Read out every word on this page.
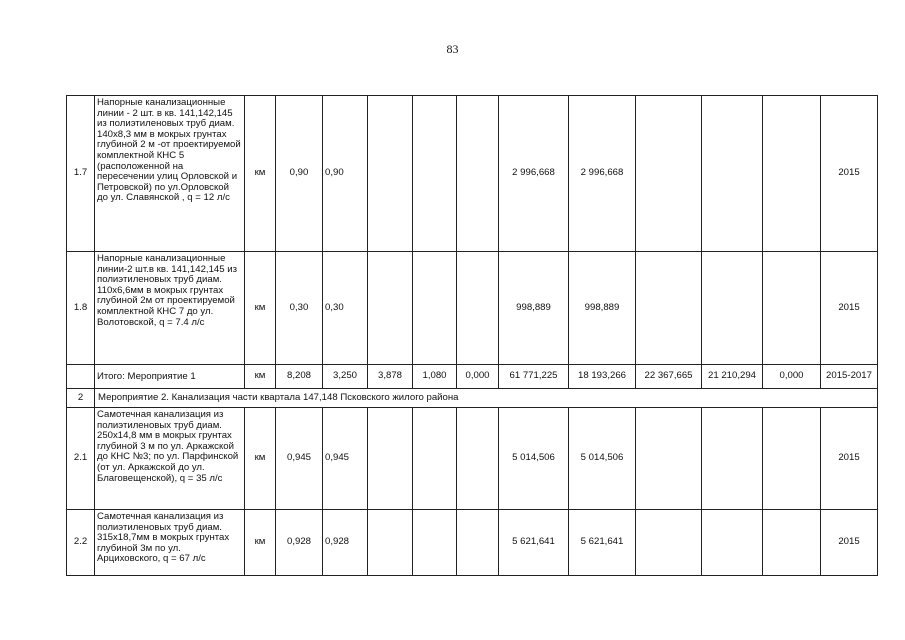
83
1.7	Напорные канализационные линии - 2 шт. в кв. 141,142,145 из полиэтиленовых труб диам. 140х8,3 мм в мокрых грунтах глубиной 2 м -от проектируемой комплектной КНС 5 (расположенной на пересечении улиц Орловской и Петровской) по ул.Орловской до ул. Славянской , q = 12 л/с	км	0,90	0,90				2 996,668	2 996,668				2015
1.8	Напорные канализационные линии-2 шт.в кв. 141,142,145 из полиэтиленовых труб диам. 110х6,6мм в мокрых грунтах глубиной 2м от проектируемой комплектной КНС 7 до ул. Волотовской, q = 7.4 л/с	км	0,30	0,30				998,889	998,889				2015
	Итого: Мероприятие 1	км	8,208	3,250	3,878	1,080	0,000	61 771,225	18 193,266	22 367,665	21 210,294	0,000	2015-2017
2	Мероприятие 2. Канализация части квартала 147,148 Псковского жилого района												
2.1	Самотечная канализация из полиэтиленовых труб диам. 250х14,8 мм в мокрых грунтах глубиной 3 м по ул. Аркажской до КНС №3; по ул. Парфинской (от ул. Аркажской до ул. Благовещенской), q = 35 л/с	км	0,945	0,945				5 014,506	5 014,506				2015
2.2	Самотечная канализация из полиэтиленовых труб диам. 315х18,7мм в мокрых грунтах глубиной 3м по ул. Арциховского, q = 67 л/с	км	0,928	0,928				5 621,641	5 621,641				2015
